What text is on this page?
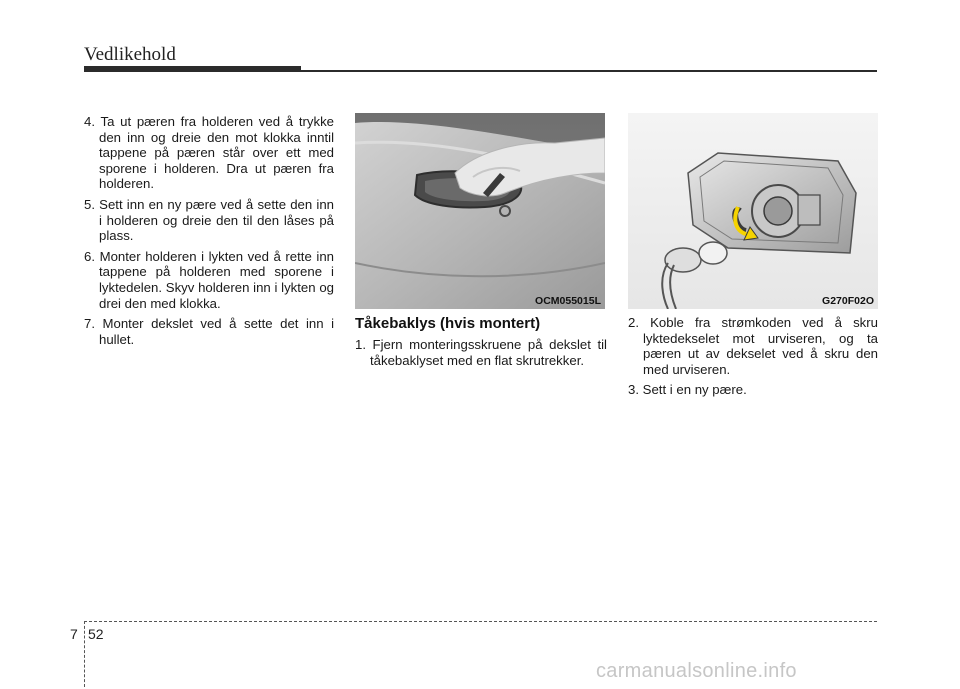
Vedlikehold

4. Ta ut pæren fra holderen ved å trykke den inn og dreie den mot klokka inntil tappene på pæren står over ett med sporene i holderen. Dra ut pæren fra holderen.

5. Sett inn en ny pære ved å sette den inn i holderen og dreie den til den låses på plass.

6. Monter holderen i lykten ved å rette inn tappene på holderen med sporene i lyktedelen. Skyv holderen inn i lykten og drei den med klokka.

7. Monter dekslet ved å sette det inn i hullet.

OCM055015L	G270F02O
Tåkebaklys (hvis montert)

1. Fjern monteringsskruene på dekslet til tåkebaklyset med en flat skrutrekker.

2. Koble fra strømkoden ved å skru lyktedekselet mot urviseren, og ta pæren ut av dekselet ved å skru den med urviseren.

3. Sett i en ny pære.

7 52
carmanualsonline.info
